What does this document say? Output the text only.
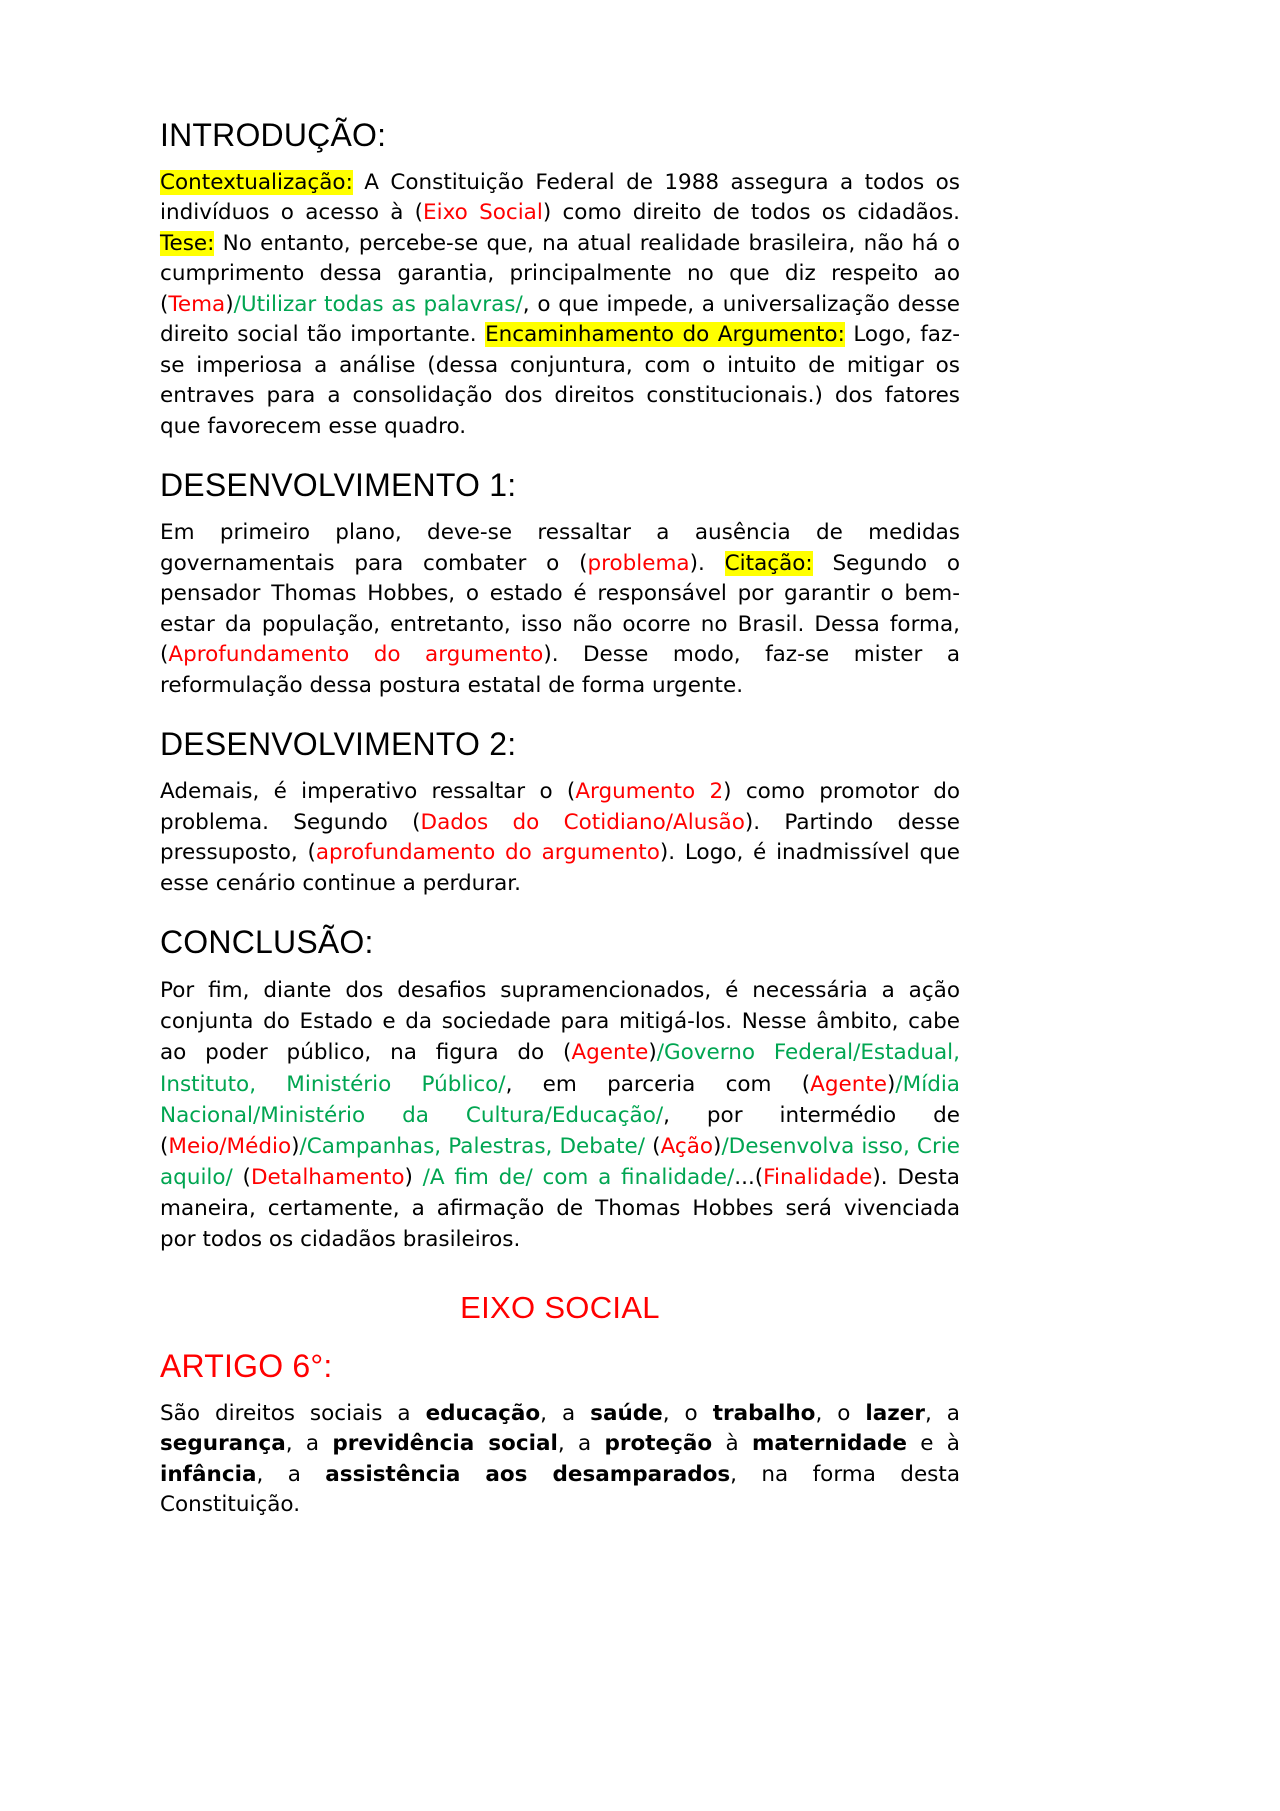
INTRODUÇÃO:

Contextualização: A Constituição Federal de 1988 assegura a todos os indivíduos o acesso à (Eixo Social) como direito de todos os cidadãos. Tese: No entanto, percebe-se que, na atual realidade brasileira, não há o cumprimento dessa garantia, principalmente no que diz respeito ao (Tema)/Utilizar todas as palavras/, o que impede, a universalização desse direito social tão importante. Encaminhamento do Argumento: Logo, faz-se imperiosa a análise (dessa conjuntura, com o intuito de mitigar os entraves para a consolidação dos direitos constitucionais.) dos fatores que favorecem esse quadro.

DESENVOLVIMENTO 1:

Em primeiro plano, deve-se ressaltar a ausência de medidas governamentais para combater o (problema). Citação: Segundo o pensador Thomas Hobbes, o estado é responsável por garantir o bem-estar da população, entretanto, isso não ocorre no Brasil. Dessa forma, (Aprofundamento do argumento). Desse modo, faz-se mister a reformulação dessa postura estatal de forma urgente.

DESENVOLVIMENTO 2:

Ademais, é imperativo ressaltar o (Argumento 2) como promotor do problema. Segundo (Dados do Cotidiano/Alusão). Partindo desse pressuposto, (aprofundamento do argumento). Logo, é inadmissível que esse cenário continue a perdurar.

CONCLUSÃO:

Por fim, diante dos desafios supramencionados, é necessária a ação conjunta do Estado e da sociedade para mitigá-los. Nesse âmbito, cabe ao poder público, na figura do (Agente)/Governo Federal/Estadual, Instituto, Ministério Público/, em parceria com (Agente)/Mídia Nacional/Ministério da Cultura/Educação/, por intermédio de (Meio/Médio)/Campanhas, Palestras, Debate/ (Ação)/Desenvolva isso, Crie aquilo/ (Detalhamento) /A fim de/ com a finalidade/...(Finalidade). Desta maneira, certamente, a afirmação de Thomas Hobbes será vivenciada por todos os cidadãos brasileiros.

EIXO SOCIAL
ARTIGO 6°:

São direitos sociais a educação, a saúde, o trabalho, o lazer, a segurança, a previdência social, a proteção à maternidade e à infância, a assistência aos desamparados, na forma desta Constituição.
